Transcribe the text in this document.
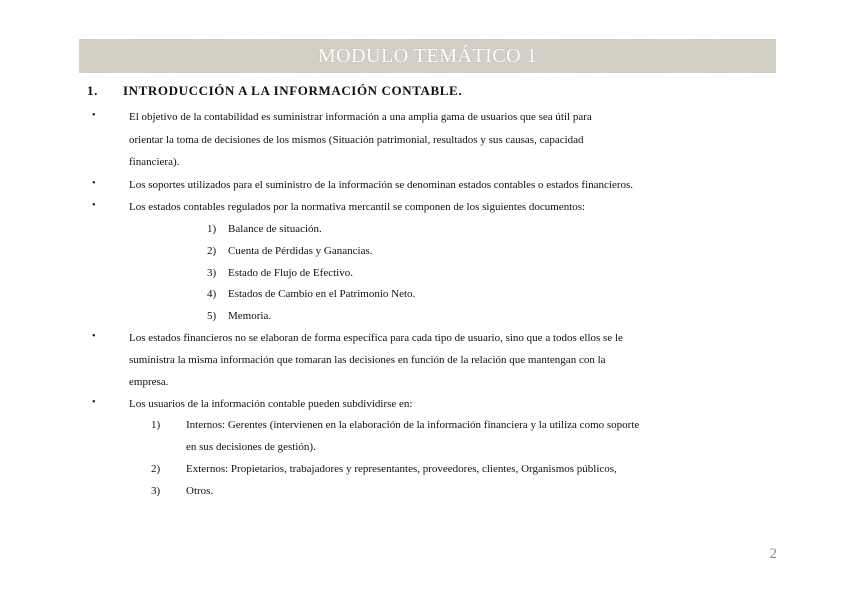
MODULO TEMÁTICO 1
1. INTRODUCCIÓN A LA INFORMACIÓN CONTABLE.
•	El objetivo de la contabilidad es suministrar información a una amplia gama de usuarios que sea útil para
orientar la toma de decisiones de los mismos (Situación patrimonial, resultados y sus causas, capacidad
financiera).
•	Los soportes utilizados para el suministro de la información se denominan estados contables o estados financieros.
•	Los estados contables regulados por la normativa mercantil se componen de los siguientes documentos:
1) Balance de situación.
2) Cuenta de Pérdidas y Ganancias.
3) Estado de Flujo de Efectivo.
4) Estados de Cambio en el Patrimonio Neto.
5) Memoria.
•	Los estados financieros no se elaboran de forma específica para cada tipo de usuario, sino que a todos ellos se le
suministra la misma información que tomaran las decisiones en función de la relación que mantengan con la
empresa.
•	Los usuarios de la información contable pueden subdividirse en:
1) Internos: Gerentes (intervienen en la elaboración de la información financiera y la utiliza como soporte
en sus decisiones de gestión).
2) Externos: Propietarios, trabajadores y representantes, proveedores, clientes, Organismos públicos,
3) Otros.
2
